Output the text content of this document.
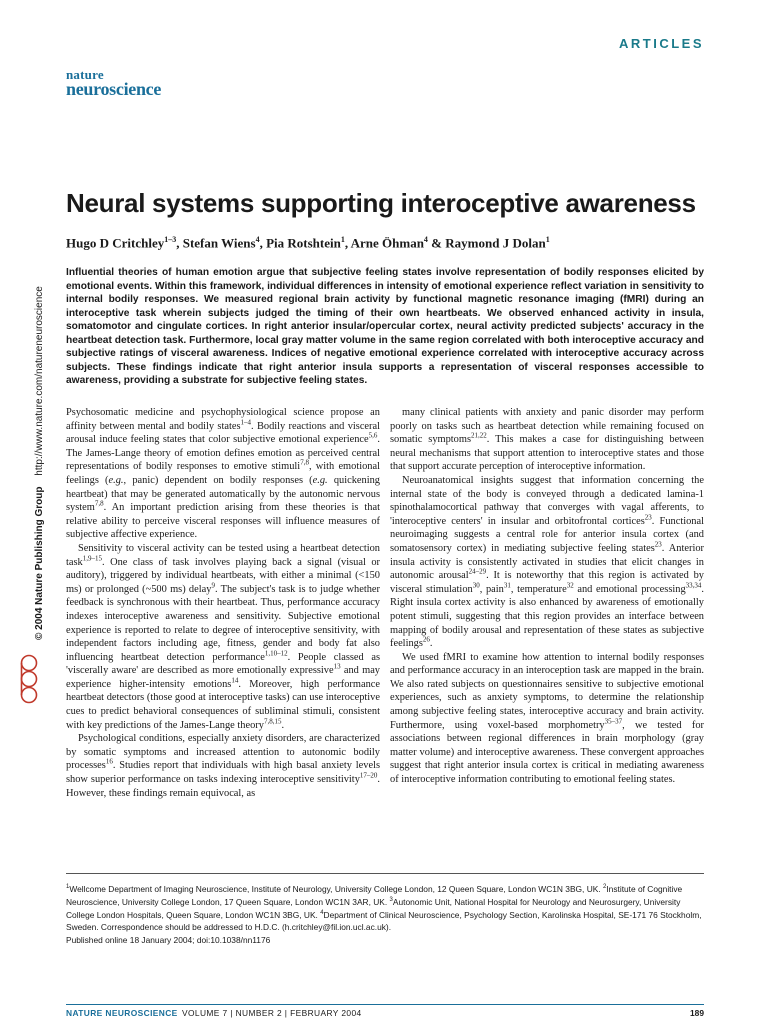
ARTICLES
nature
neuroscience
© 2004 Nature Publishing Group http://www.nature.com/natureneuroscience
Neural systems supporting interoceptive awareness
Hugo D Critchley$^{1-3}$, Stefan Wiens$^4$, Pia Rotshtein$^1$, Arne Öhman$^4$ & Raymond J Dolan$^1$
Influential theories of human emotion argue that subjective feeling states involve representation of bodily responses elicited by emotional events. Within this framework, individual differences in intensity of emotional experience reflect variation in sensitivity to internal bodily responses. We measured regional brain activity by functional magnetic resonance imaging (fMRI) during an interoceptive task wherein subjects judged the timing of their own heartbeats. We observed enhanced activity in insula, somatomotor and cingulate cortices. In right anterior insular/opercular cortex, neural activity predicted subjects' accuracy in the heartbeat detection task. Furthermore, local gray matter volume in the same region correlated with both interoceptive accuracy and subjective ratings of visceral awareness. Indices of negative emotional experience correlated with interoceptive accuracy across subjects. These findings indicate that right anterior insula supports a representation of visceral responses accessible to awareness, providing a substrate for subjective feeling states.

Psychosomatic medicine and psychophysiological science propose an affinity between mental and bodily states$^{1-4}$. Bodily reactions and visceral arousal induce feeling states that color subjective emotional experience$^{5,6}$. The James-Lange theory of emotion defines emotion as perceived central representations of bodily responses to emotive stimuli$^{7,8}$, with emotional feelings (e.g., panic) dependent on bodily responses (e.g. quickening heartbeat) that may be generated automatically by the autonomic nervous system$^{7,8}$. An important prediction arising from these theories is that relative ability to perceive visceral responses will influence measures of subjective affective experience.

Sensitivity to visceral activity can be tested using a heartbeat detection task$^{1,9-15}$. One class of task involves playing back a signal (visual or auditory), triggered by individual heartbeats, with either a minimal (<150 ms) or prolonged (~500 ms) delay$^9$. The subject's task is to judge whether feedback is synchronous with their heartbeat. Thus, performance accuracy indexes interoceptive awareness and sensitivity. Subjective emotional experience is reported to relate to degree of interoceptive sensitivity, with independent factors including age, fitness, gender and body fat also influencing heartbeat detection performance$^{1,10-12}$. People classed as 'viscerally aware' are described as more emotionally expressive$^{13}$ and may experience higher-intensity emotions$^{14}$. Moreover, high performance heartbeat detectors (those good at interoceptive tasks) can use interoceptive cues to predict behavioral consequences of subliminal stimuli, consistent with key predictions of the James-Lange theory$^{7,8,15}$.

Psychological conditions, especially anxiety disorders, are characterized by somatic symptoms and increased attention to autonomic bodily processes$^{16}$. Studies report that individuals with high basal anxiety levels show superior performance on tasks indexing interoceptive sensitivity$^{17-20}$. However, these findings remain equivocal, as

many clinical patients with anxiety and panic disorder may perform poorly on tasks such as heartbeat detection while remaining focused on somatic symptoms$^{21,22}$. This makes a case for distinguishing between neural mechanisms that support attention to interoceptive states and those that support accurate perception of interoceptive information.

Neuroanatomical insights suggest that information concerning the internal state of the body is conveyed through a dedicated lamina-1 spinothalamocortical pathway that converges with vagal afferents, to 'interoceptive centers' in insular and orbitofrontal cortices$^{23}$. Functional neuroimaging suggests a central role for anterior insula cortex (and somatosensory cortex) in mediating subjective feeling states$^{23}$. Anterior insula activity is consistently activated in studies that elicit changes in autonomic arousal$^{24-29}$. It is noteworthy that this region is activated by visceral stimulation$^{30}$, pain$^{31}$, temperature$^{32}$ and emotional processing$^{33,34}$. Right insula cortex activity is also enhanced by awareness of emotionally potent stimuli, suggesting that this region provides an interface between mapping of bodily arousal and representation of these states as subjective feelings$^{26}$.

We used fMRI to examine how attention to internal bodily responses and performance accuracy in an interoception task are mapped in the brain. We also rated subjects on questionnaires sensitive to subjective emotional experiences, such as anxiety symptoms, to determine the relationship among subjective feeling states, interoceptive accuracy and brain activity. Furthermore, using voxel-based morphometry$^{35-37}$, we tested for associations between regional differences in brain morphology (gray matter volume) and interoceptive awareness. These convergent approaches suggest that right anterior insula cortex is critical in mediating awareness of interoceptive information contributing to emotional feeling states.

$^1$Wellcome Department of Imaging Neuroscience, Institute of Neurology, University College London, 12 Queen Square, London WC1N 3BG, UK. $^2$Institute of Cognitive Neuroscience, University College London, 17 Queen Square, London WC1N 3AR, UK. $^3$Autonomic Unit, National Hospital for Neurology and Neurosurgery, University College London Hospitals, Queen Square, London WC1N 3BG, UK. $^4$Department of Clinical Neuroscience, Psychology Section, Karolinska Hospital, SE-171 76 Stockholm, Sweden. Correspondence should be addressed to H.D.C. (h.critchley@fil.ion.ucl.ac.uk).
Published online 18 January 2004; doi:10.1038/nn1176
NATURE NEUROSCIENCE VOLUME 7 | NUMBER 2 | FEBRUARY 2004	189
